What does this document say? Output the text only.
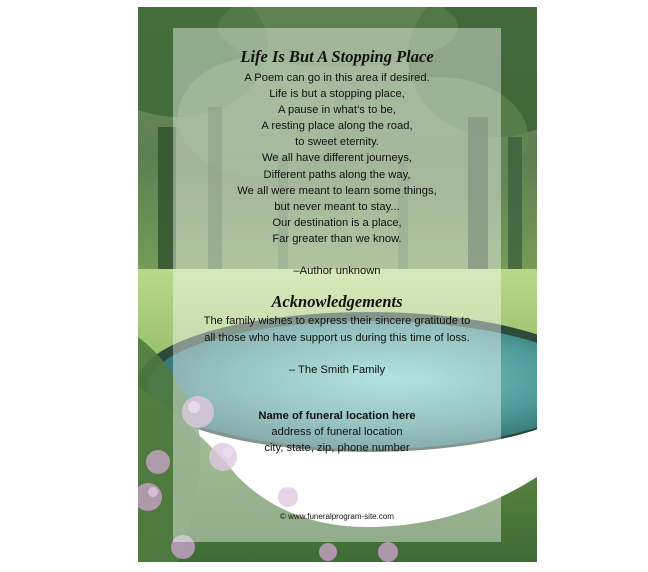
Life Is But A Stopping Place
A Poem can go in this area if desired.
Life is but a stopping place,
A pause in what’s to be,
A resting place along the road,
to sweet eternity.
We all have different journeys,
Different paths along the way,
We all were meant to learn some things,
but never meant to stay...
Our destination is a place,
Far greater than we know.
–Author unknown
Acknowledgements
The family wishes to express their sincere gratitude to
all those who have support us during this time of loss.
– The Smith Family
Name of funeral location here
address of funeral location
city, state, zip, phone number
© www.funeralprogram-site.com
